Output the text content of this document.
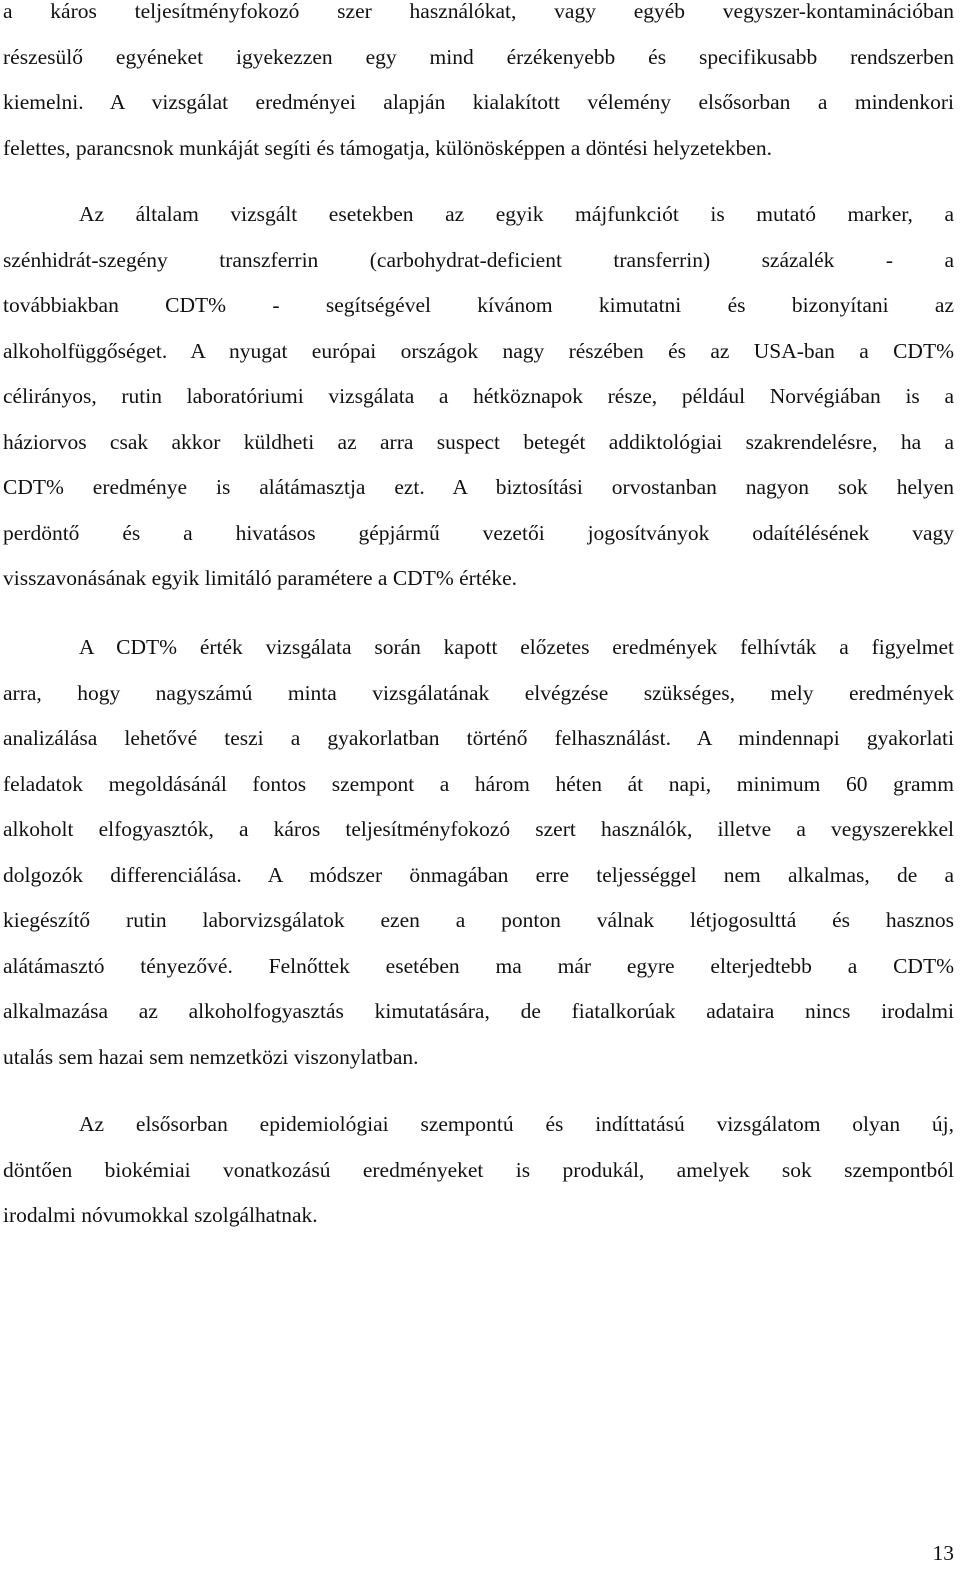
a káros teljesítményfokozó szer használókat, vagy egyéb vegyszer-kontaminációban
részesülő egyéneket igyekezzen egy mind érzékenyebb és specifikusabb rendszerben
kiemelni. A vizsgálat eredményei alapján kialakított vélemény elsősorban a mindenkori
felettes, parancsnok munkáját segíti és támogatja, különösképpen a döntési helyzetekben.
Az általam vizsgált esetekben az egyik májfunkciót is mutató marker, a
szénhidrát-szegény transzferrin (carbohydrat-deficient transferrin) százalék - a
továbbiakban CDT% - segítségével kívánom kimutatni és bizonyítani az
alkoholfüggőséget. A nyugat európai országok nagy részében és az USA-ban a CDT%
célirányos, rutin laboratóriumi vizsgálata a hétköznapok része, például Norvégiában is a
háziorvos csak akkor küldheti az arra suspect betegét addiktológiai szakrendelésre, ha a
CDT% eredménye is alátámasztja ezt. A biztosítási orvostanban nagyon sok helyen
perdöntő és a hivatásos gépjármű vezetői jogosítványok odaítélésének vagy
visszavonásának egyik limitáló paramétere a CDT% értéke.
A CDT% érték vizsgálata során kapott előzetes eredmények felhívták a figyelmet
arra, hogy nagyszámú minta vizsgálatának elvégzése szükséges, mely eredmények
analizálása lehetővé teszi a gyakorlatban történő felhasználást. A mindennapi gyakorlati
feladatok megoldásánál fontos szempont a három héten át napi, minimum 60 gramm
alkoholt elfogyasztók, a káros teljesítményfokozó szert használók, illetve a vegyszerekkel
dolgozók differenciálása. A módszer önmagában erre teljességgel nem alkalmas, de a
kiegészítő rutin laborvizsgálatok ezen a ponton válnak létjogosulttá és hasznos
alátámasztó tényezővé. Felnőttek esetében ma már egyre elterjedtebb a CDT%
alkalmazása az alkoholfogyasztás kimutatására, de fiatalkorúak adataira nincs irodalmi
utalás sem hazai sem nemzetközi viszonylatban.
Az elsősorban epidemiológiai szempontú és indíttatású vizsgálatom olyan új,
döntően biokémiai vonatkozású eredményeket is produkál, amelyek sok szempontból
irodalmi nóvumokkal szolgálhatnak.
13
